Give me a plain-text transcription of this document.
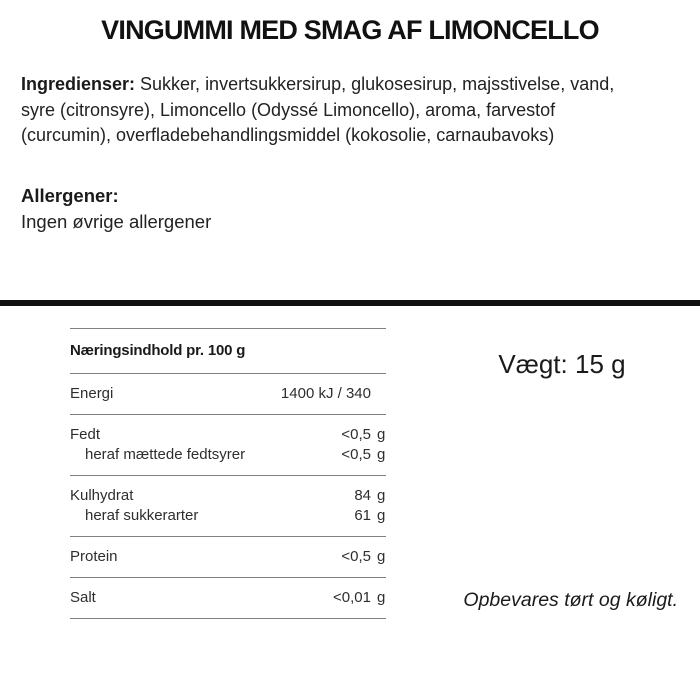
VINGUMMI MED SMAG AF LIMONCELLO
Ingredienser: Sukker, invertsukkersirup, glukosesirup, majsstivelse, vand,
syre (citronsyre), Limoncello (Odyssé Limoncello), aroma, farvestof
(curcumin), overfladebehandlingsmiddel (kokosolie, carnaubavoks)
Allergener:
Ingen øvrige allergener
Næringsindhold pr. 100 g
Energi	1400 kJ / 340
Fedt	<0,5 g
heraf mættede fedtsyrer	<0,5 g
Kulhydrat	84 g
heraf sukkerarter	61 g
Protein	<0,5 g
Salt	<0,01 g
Vægt: 15 g
Opbevares tørt og køligt.
